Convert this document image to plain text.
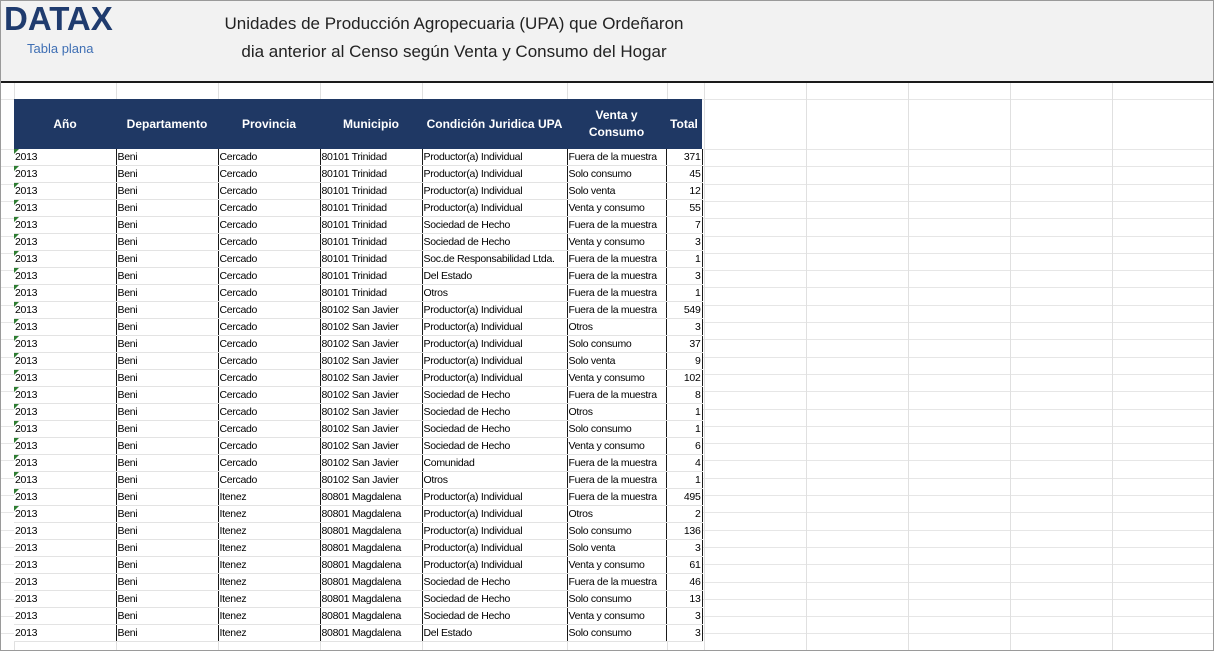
DATAX
Tabla plana
Unidades de Producción Agropecuaria (UPA) que Ordeñaron
dia anterior al Censo según Venta y Consumo del Hogar
Año	Departamento	Provincia	Municipio	Condición Juridica UPA	Venta y Consumo	Total
2013	Beni	Cercado	80101 Trinidad	Productor(a) Individual	Fuera de la muestra	371
2013	Beni	Cercado	80101 Trinidad	Productor(a) Individual	Solo consumo	45
2013	Beni	Cercado	80101 Trinidad	Productor(a) Individual	Solo venta	12
2013	Beni	Cercado	80101 Trinidad	Productor(a) Individual	Venta y consumo	55
2013	Beni	Cercado	80101 Trinidad	Sociedad de Hecho	Fuera de la muestra	7
2013	Beni	Cercado	80101 Trinidad	Sociedad de Hecho	Venta y consumo	3
2013	Beni	Cercado	80101 Trinidad	Soc.de Responsabilidad Ltda.	Fuera de la muestra	1
2013	Beni	Cercado	80101 Trinidad	Del Estado	Fuera de la muestra	3
2013	Beni	Cercado	80101 Trinidad	Otros	Fuera de la muestra	1
2013	Beni	Cercado	80102 San Javier	Productor(a) Individual	Fuera de la muestra	549
2013	Beni	Cercado	80102 San Javier	Productor(a) Individual	Otros	3
2013	Beni	Cercado	80102 San Javier	Productor(a) Individual	Solo consumo	37
2013	Beni	Cercado	80102 San Javier	Productor(a) Individual	Solo venta	9
2013	Beni	Cercado	80102 San Javier	Productor(a) Individual	Venta y consumo	102
2013	Beni	Cercado	80102 San Javier	Sociedad de Hecho	Fuera de la muestra	8
2013	Beni	Cercado	80102 San Javier	Sociedad de Hecho	Otros	1
2013	Beni	Cercado	80102 San Javier	Sociedad de Hecho	Solo consumo	1
2013	Beni	Cercado	80102 San Javier	Sociedad de Hecho	Venta y consumo	6
2013	Beni	Cercado	80102 San Javier	Comunidad	Fuera de la muestra	4
2013	Beni	Cercado	80102 San Javier	Otros	Fuera de la muestra	1
2013	Beni	Itenez	80801 Magdalena	Productor(a) Individual	Fuera de la muestra	495
2013	Beni	Itenez	80801 Magdalena	Productor(a) Individual	Otros	2
2013	Beni	Itenez	80801 Magdalena	Productor(a) Individual	Solo consumo	136
2013	Beni	Itenez	80801 Magdalena	Productor(a) Individual	Solo venta	3
2013	Beni	Itenez	80801 Magdalena	Productor(a) Individual	Venta y consumo	61
2013	Beni	Itenez	80801 Magdalena	Sociedad de Hecho	Fuera de la muestra	46
2013	Beni	Itenez	80801 Magdalena	Sociedad de Hecho	Solo consumo	13
2013	Beni	Itenez	80801 Magdalena	Sociedad de Hecho	Venta y consumo	3
2013	Beni	Itenez	80801 Magdalena	Del Estado	Solo consumo	3
